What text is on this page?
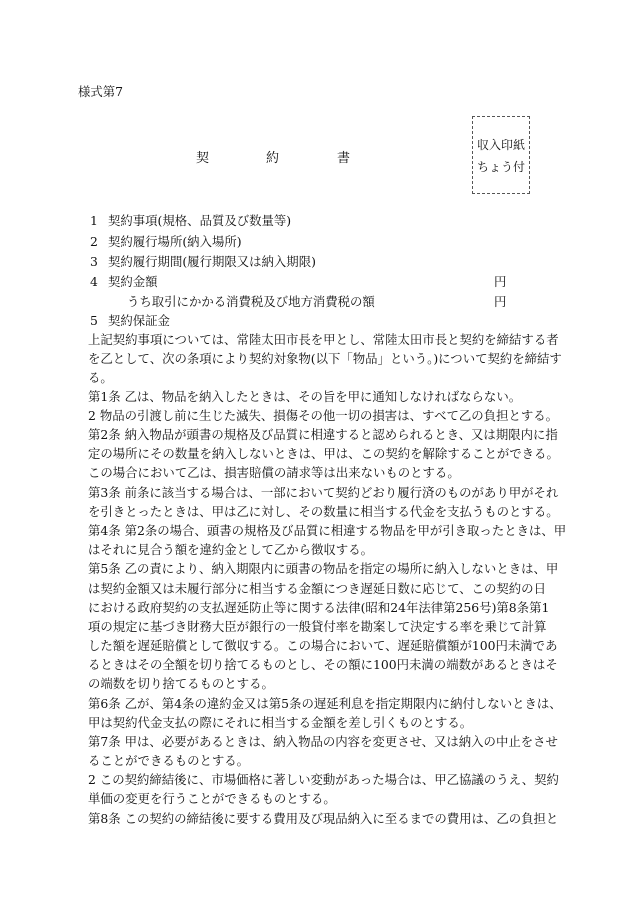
様式第7
契	約	書
収入印紙
ちょう付
1 契約事項(規格、品質及び数量等)
2 契約履行場所(納入場所)
3 契約履行期間(履行期限又は納入期限)
4 契約金額	円
うち取引にかかる消費税及び地方消費税の額	円
5 契約保証金
上記契約事項については、常陸太田市長を甲とし、常陸太田市長と契約を締結する者
を乙として、次の条項により契約対象物(以下「物品」という。)について契約を締結す
る。
第1条 乙は、物品を納入したときは、その旨を甲に通知しなければならない。
2 物品の引渡し前に生じた滅失、損傷その他一切の損害は、すべて乙の負担とする。
第2条 納入物品が頭書の規格及び品質に相違すると認められるとき、又は期限内に指
定の場所にその数量を納入しないときは、甲は、この契約を解除することができる。
この場合において乙は、損害賠償の請求等は出来ないものとする。
第3条 前条に該当する場合は、一部において契約どおり履行済のものがあり甲がそれ
を引きとったときは、甲は乙に対し、その数量に相当する代金を支払うものとする。
第4条 第2条の場合、頭書の規格及び品質に相違する物品を甲が引き取ったときは、甲
はそれに見合う額を違約金として乙から徴収する。
第5条 乙の責により、納入期限内に頭書の物品を指定の場所に納入しないときは、甲
は契約金額又は未履行部分に相当する金額につき遅延日数に応じて、この契約の日
における政府契約の支払遅延防止等に関する法律(昭和24年法律第256号)第8条第1
項の規定に基づき財務大臣が銀行の一般貸付率を勘案して決定する率を乗じて計算
した額を遅延賠償として徴収する。この場合において、遅延賠償額が100円未満であ
るときはその全額を切り捨てるものとし、その額に100円未満の端数があるときはそ
の端数を切り捨てるものとする。
第6条 乙が、第4条の違約金又は第5条の遅延利息を指定期限内に納付しないときは、
甲は契約代金支払の際にそれに相当する金額を差し引くものとする。
第7条 甲は、必要があるときは、納入物品の内容を変更させ、又は納入の中止をさせ
ることができるものとする。
2 この契約締結後に、市場価格に著しい変動があった場合は、甲乙協議のうえ、契約
単価の変更を行うことができるものとする。
第8条 この契約の締結後に要する費用及び現品納入に至るまでの費用は、乙の負担と
